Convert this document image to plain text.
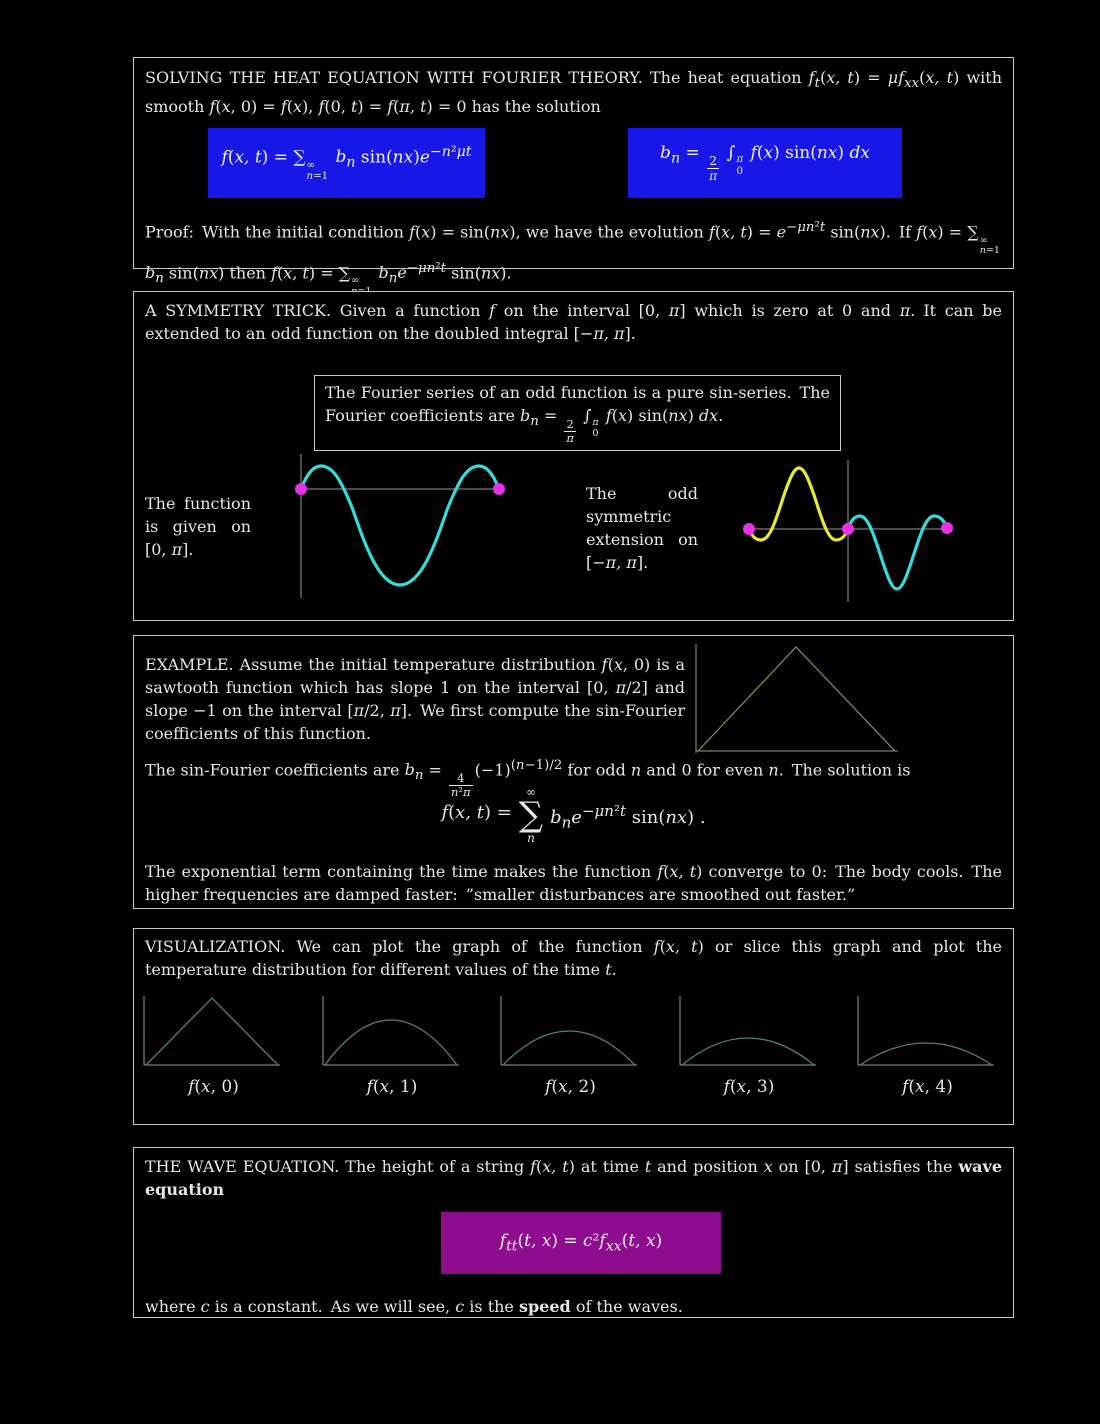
SOLVING THE HEAT EQUATION WITH FOURIER THEORY. The heat equation $f_t(x$, $t) = \mu f_{xx}(x$, t) with smooth f(x, 0) = f(x), f(0, t) = f(π, t) = 0 has the solution

f(x, t) = ∑ ∞
n=1
$b_n$ $\sin(nx)e^{-n^2\mu t}$	$b_n$ =
$\frac{2}{\pi}$
∫ π
0
f(x) sin(nx) dx

Proof: With the initial condition f(x) = sin(nx), we have the evolution f(x, $t) = e^{-\mu n^2t}$ sin(nx). If f(x) = ∑ ∞
n=1
$b_n$ sin(nx) then f(x, t) = ∑ ∞ $b_ne^{-\mu n^2t}$ sin(nx).

A SYMMETRY TRICK. Given a function f on the interval [0, π] which is zero at 0 and π. It can be extended to an odd function on the doubled integral [−π, π].

The Fourier series of an odd function is a pure sin-series. The Fourier coefficients are $b_n$ =
$\frac{2}{\pi}$
∫ π
0
f(x) sin(nx) dx.

The function is given on [0, π].
The odd symmetric extension on [−π, π].

EXAMPLE. Assume the initial temperature distribution f(x, 0) is a sawtooth function which has slope 1 on the interval [0, π/2] and slope −1 on the interval [π/2, π]. We first compute the sin-Fourier coefficients of this function.

The sin-Fourier coefficients are $b_n$ =
$\frac{4}{\text{n²π}}$
$(-1)^{(n-1)/2}$ for odd n and 0 for even n. The solution is

f(x, t) =
∞
∑
n
$b_ne^{-\mu n^2t}$ sin(nx) .

The exponential term containing the time makes the function f(x, t) converge to 0: The body cools. The higher frequencies are damped faster: ”smaller disturbances are smoothed out faster.”

VISUALIZATION. We can plot the graph of the function f(x, t) or slice this graph and plot the temperature distribution for different values of the time t.

f(x, 0)	f(x, 1)	f(x, 2)	f(x, 3)	f(x, 4)

THE WAVE EQUATION. The height of a string f(x, t) at time t and position x on [0, π] satisfies the wave equation

$f_{tt}(t$, $x) = c^2f_{xx}(t$, x)

where c is a constant. As we will see, c is the speed of the waves.
